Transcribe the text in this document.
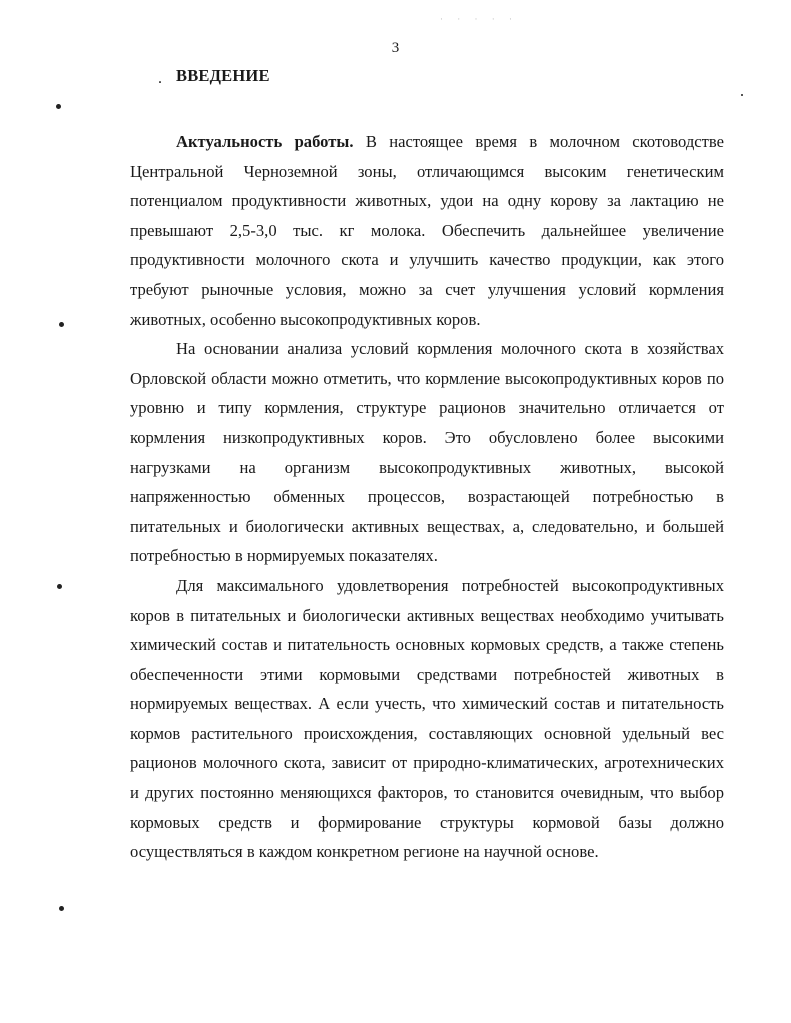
· · · · ·
3
. ВВЕДЕНИЕ

Актуальность работы. В настоящее время в молочном скотоводстве Центральной Черноземной зоны, отличающимся высоким генетическим потенциалом продуктивности животных, удои на одну корову за лактацию не превышают 2,5-3,0 тыс. кг молока. Обеспечить дальнейшее увеличение продуктивности молочного скота и улучшить качество продукции, как этого требуют рыночные условия, можно за счет улучшения условий кормления животных, особенно высокопродуктивных коров.

На основании анализа условий кормления молочного скота в хозяйствах Орловской области можно отметить, что кормление высокопродуктивных коров по уровню и типу кормления, структуре рационов значительно отличается от кормления низкопродуктивных коров. Это обусловлено более высокими нагрузками на организм высокопродуктивных животных, высокой напряженностью обменных процессов, возрастающей потребностью в питательных и биологически активных веществах, а, следовательно, и большей потребностью в нормируемых показателях.

Для максимального удовлетворения потребностей высокопродуктивных коров в питательных и биологически активных веществах необходимо учитывать химический состав и питательность основных кормовых средств, а также степень обеспеченности этими кормовыми средствами потребностей животных в нормируемых веществах. А если учесть, что химический состав и питательность кормов растительного происхождения, составляющих основной удельный вес рационов молочного скота, зависит от природно-климатических, агротехнических и других постоянно меняющихся факторов, то становится очевидным, что выбор кормовых средств и формирование структуры кормовой базы должно осуществляться в каждом конкретном регионе на научной основе.
